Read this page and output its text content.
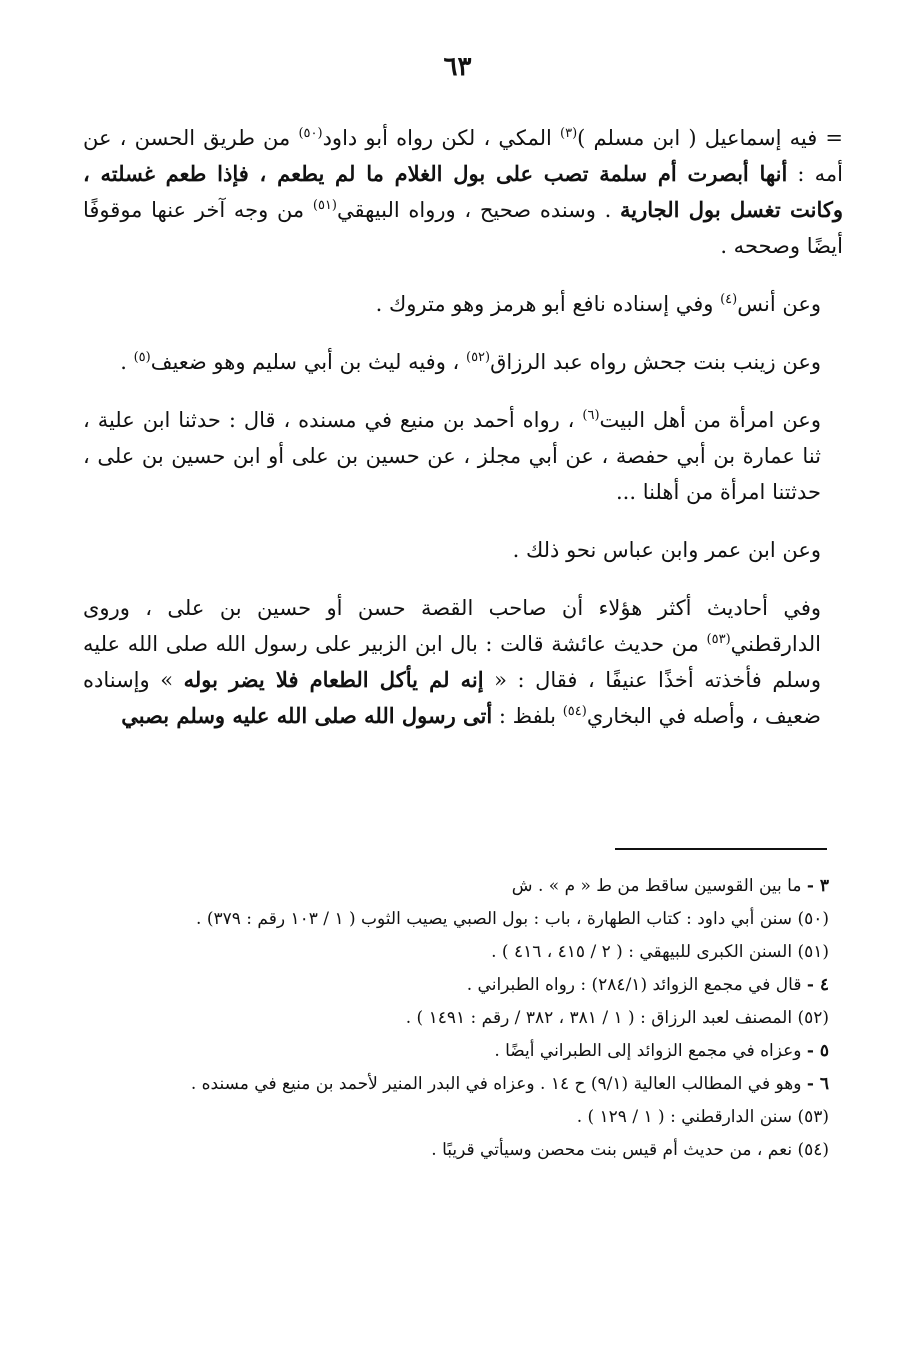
٦٣

= فيه إسماعيل ( ابن مسلم )$^{(٣)}$ المكي ، لكن رواه أبو داود$^{(٥٠)}$ من طريق الحسن ، عن أمه : أنها أبصرت أم سلمة تصب على بول الغلام ما لم يطعم ، فإذا طعم غسلته ، وكانت تغسل بول الجارية . وسنده صحيح ، ورواه البيهقي$^{(٥١)}$ من وجه آخر عنها موقوفًا أيضًا وصححه .

وعن أنس$^{(٤)}$ وفي إسناده نافع أبو هرمز وهو متروك .

وعن زينب بنت جحش رواه عبد الرزاق$^{(٥٢)}$ ، وفيه ليث بن أبي سليم وهو ضعيف$^{(٥)}$ .

وعن امرأة من أهل البيت$^{(٦)}$ ، رواه أحمد بن منيع في مسنده ، قال : حدثنا ابن علية ، ثنا عمارة بن أبي حفصة ، عن أبي مجلز ، عن حسين بن على أو ابن حسين بن على ، حدثتنا امرأة من أهلنا ...

وعن ابن عمر وابن عباس نحو ذلك .

وفي أحاديث أكثر هؤلاء أن صاحب القصة حسن أو حسين بن على ، وروى الدارقطني$^{(٥٣)}$ من حديث عائشة قالت : بال ابن الزبير على رسول الله صلى الله عليه وسلم فأخذته أخذًا عنيفًا ، فقال : « إنه لم يأكل الطعام فلا يضر بوله » وإسناده ضعيف ، وأصله في البخاري$^{(٥٤)}$ بلفظ : أتى رسول الله صلى الله عليه وسلم بصبي

٣ - ما بين القوسين ساقط من ط « م » . ش

(٥٠) سنن أبي داود : كتاب الطهارة ، باب : بول الصبي يصيب الثوب ( ١ / ١٠٣ رقم : ٣٧٩) .

(٥١) السنن الكبرى للبيهقي : ( ٢ / ٤١٥ ، ٤١٦ ) .

٤ - قال في مجمع الزوائد (٢٨٤/١) : رواه الطبراني .

(٥٢) المصنف لعبد الرزاق : ( ١ / ٣٨١ ، ٣٨٢ / رقم : ١٤٩١ ) .

٥ - وعزاه في مجمع الزوائد إلى الطبراني أيضًا .

٦ - وهو في المطالب العالية (٩/١) ح ١٤ . وعزاه في البدر المنير لأحمد بن منيع في مسنده .

(٥٣) سنن الدارقطني : ( ١ / ١٢٩ ) .

(٥٤) نعم ، من حديث أم قيس بنت محصن وسيأتي قريبًا .
